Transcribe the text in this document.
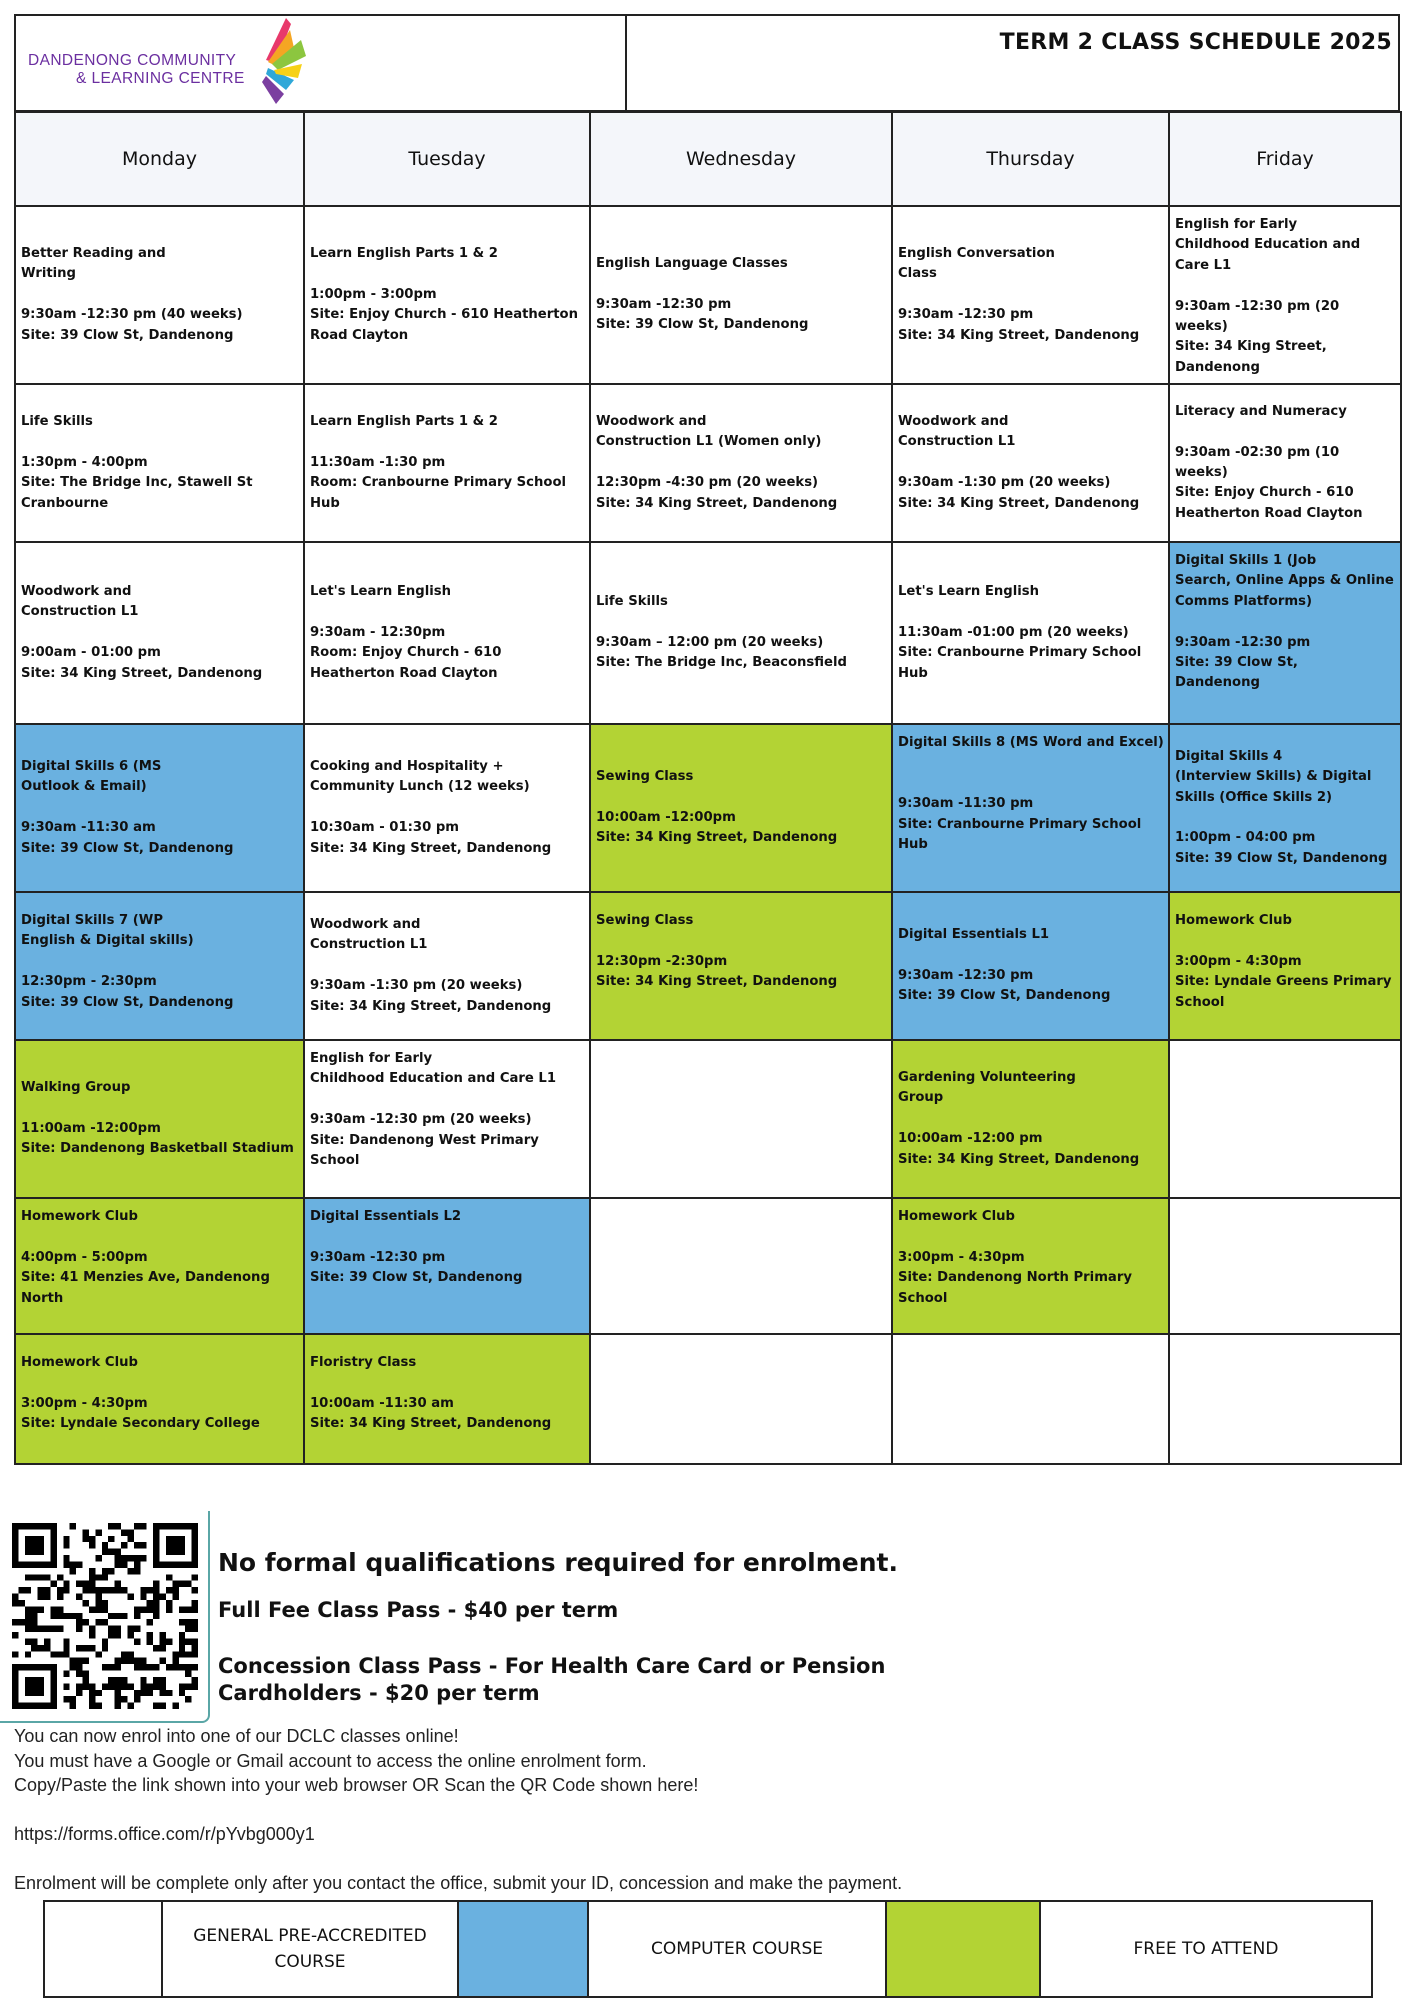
DANDENONG COMMUNITY
& LEARNING CENTRE
TERM 2 CLASS SCHEDULE 2025
Monday	Tuesday	Wednesday	Thursday	Friday
Better Reading and
Writing

9:30am -12:30 pm (40 weeks)
Site: 39 Clow St, Dandenong	Learn English Parts 1 & 2

1:00pm - 3:00pm
Site: Enjoy Church - 610 Heatherton Road Clayton	English Language Classes

9:30am -12:30 pm
Site: 39 Clow St, Dandenong	English Conversation
Class

9:30am -12:30 pm
Site: 34 King Street, Dandenong	English for Early
Childhood Education and Care L1

9:30am -12:30 pm (20 weeks)
Site: 34 King Street,
Dandenong
Life Skills

1:30pm - 4:00pm
Site: The Bridge Inc, Stawell St Cranbourne	Learn English Parts 1 & 2

11:30am -1:30 pm
Room: Cranbourne Primary School Hub	Woodwork and
Construction L1 (Women only)

12:30pm -4:30 pm (20 weeks)
Site: 34 King Street, Dandenong	Woodwork and
Construction L1

9:30am -1:30 pm (20 weeks)
Site: 34 King Street, Dandenong	Literacy and Numeracy

9:30am -02:30 pm (10 weeks)
Site: Enjoy Church - 610
Heatherton Road Clayton
Woodwork and
Construction L1

9:00am - 01:00 pm
Site: 34 King Street, Dandenong	Let's Learn English

9:30am - 12:30pm
Room: Enjoy Church - 610
Heatherton Road Clayton	Life Skills

9:30am – 12:00 pm (20 weeks)
Site: The Bridge Inc, Beaconsfield	Let's Learn English

11:30am -01:00 pm (20 weeks)
Site: Cranbourne Primary School Hub	Digital Skills 1 (Job
Search, Online Apps & Online Comms Platforms)

9:30am -12:30 pm
Site: 39 Clow St,
Dandenong
Digital Skills 6 (MS
Outlook & Email)

9:30am -11:30 am
Site: 39 Clow St, Dandenong	Cooking and Hospitality +
Community Lunch (12 weeks)

10:30am - 01:30 pm
Site: 34 King Street, Dandenong	Sewing Class

10:00am -12:00pm
Site: 34 King Street, Dandenong	Digital Skills 8 (MS Word and Excel)

9:30am -11:30 pm
Site: Cranbourne Primary School Hub	Digital Skills 4
(Interview Skills) & Digital Skills (Office Skills 2)

1:00pm - 04:00 pm
Site: 39 Clow St, Dandenong
Digital Skills 7 (WP
English & Digital skills)

12:30pm - 2:30pm
Site: 39 Clow St, Dandenong	Woodwork and
Construction L1

9:30am -1:30 pm (20 weeks)
Site: 34 King Street, Dandenong	Sewing Class

12:30pm -2:30pm
Site: 34 King Street, Dandenong	Digital Essentials L1

9:30am -12:30 pm
Site: 39 Clow St, Dandenong	Homework Club

3:00pm - 4:30pm
Site: Lyndale Greens Primary School
Walking Group

11:00am -12:00pm
Site: Dandenong Basketball Stadium	English for Early
Childhood Education and Care L1

9:30am -12:30 pm (20 weeks)
Site: Dandenong West Primary School		Gardening Volunteering
Group

10:00am -12:00 pm
Site: 34 King Street, Dandenong	
Homework Club

4:00pm - 5:00pm
Site: 41 Menzies Ave, Dandenong North	Digital Essentials L2

9:30am -12:30 pm
Site: 39 Clow St, Dandenong		Homework Club

3:00pm - 4:30pm
Site: Dandenong North Primary School	
Homework Club

3:00pm - 4:30pm
Site: Lyndale Secondary College	Floristry Class

10:00am -11:30 am
Site: 34 King Street, Dandenong			
No formal qualifications required for enrolment.
Full Fee Class Pass - $40 per term
Concession Class Pass - For Health Care Card or Pension Cardholders - $20 per term

You can now enrol into one of our DCLC classes online!

You must have a Google or Gmail account to access the online enrolment form.

Copy/Paste the link shown into your web browser OR Scan the QR Code shown here!

https://forms.office.com/r/pYvbg000y1

Enrolment will be complete only after you contact the office, submit your ID, concession and make the payment.

GENERAL PRE-ACCREDITED COURSE
COMPUTER COURSE	FREE TO ATTEND
